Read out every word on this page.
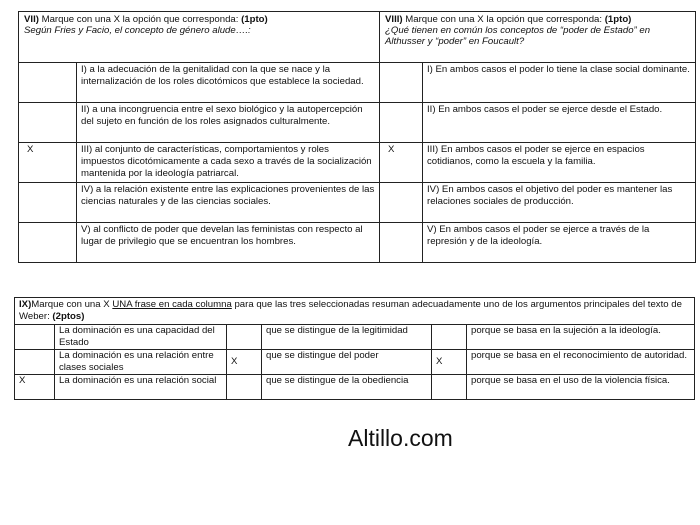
VII) Marque con una X la opción que corresponda: (1pto)
Según Fries y Facio, el concepto de género alude….:		VIII) Marque con una X la opción que corresponda: (1pto)
¿Qué tienen en común los conceptos de “poder de Estado” en Althusser y “poder” en Foucault?	

	I) a la adecuación de la genitalidad con la que se nace y la internalización de los roles dicotómicos que establece la sociedad.		I) En ambos casos el poder lo tiene la clase social dominante.
	II) a una incongruencia entre el sexo biológico y la autopercepción del sujeto en función de los roles asignados culturalmente.		II) En ambos casos el poder se ejerce desde el Estado.
X	III) al conjunto de características, comportamientos y roles impuestos dicotómicamente a cada sexo a través de la socialización mantenida por la ideología patriarcal.	X	III) En ambos casos el poder se ejerce en espacios cotidianos, como la escuela y la familia.
	IV) a la relación existente entre las explicaciones provenientes de las ciencias naturales y de las ciencias sociales.		IV) En ambos casos el objetivo del poder es mantener las relaciones sociales de producción.
	V) al conflicto de poder que develan las feministas con respecto al lugar de privilegio que se encuentran los hombres.		V) En ambos casos el poder se ejerce a través de la represión y de la ideología.
IX)Marque con una X UNA frase en cada columna para que las tres seleccionadas resuman adecuadamente uno de los argumentos principales del texto de Weber: (2ptos)					
	La dominación es una capacidad del Estado		que se distingue de la legitimidad		porque se basa en la sujeción a la ideología.
	La dominación es una relación entre clases sociales	X	que se distingue del poder	X	porque se basa en el reconocimiento de autoridad.
X	La dominación es una relación social		que se distingue de la obediencia		porque se basa en el uso de la violencia física.
Altillo.com
